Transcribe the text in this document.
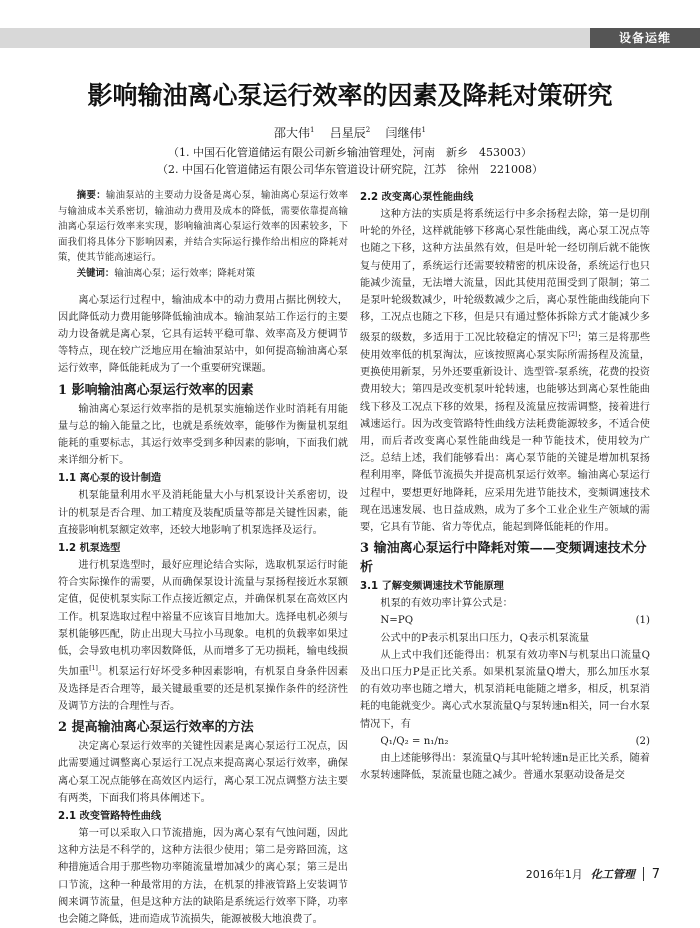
设备运维
影响输油离心泵运行效率的因素及降耗对策研究
邵大伟$^1$ 吕星辰$^2$ 闫继伟$^1$
（1. 中国石化管道储运有限公司新乡输油管理处，河南　新乡　453003）
（2. 中国石化管道储运有限公司华东管道设计研究院，江苏　徐州　221008）

摘要：输油泵站的主要动力设备是离心泵，输油离心泵运行效率与输油成本关系密切，输油动力费用及成本的降低，需要依靠提高输油离心泵运行效率来实现，影响输油离心泵运行效率的因素较多，下面我们将具体分下影响因素，并结合实际运行操作给出相应的降耗对策，使其节能高速运行。

关键词：输油离心泵；运行效率；降耗对策

离心泵运行过程中，输油成本中的动力费用占据比例较大，因此降低动力费用能够降低输油成本。输油泵站工作运行的主要动力设备就是离心泵，它具有运转平稳可靠、效率高及方便调节等特点，现在较广泛地应用在输油泵站中，如何提高输油离心泵运行效率，降低能耗成为了一个重要研究课题。

1 影响输油离心泵运行效率的因素

输油离心泵运行效率指的是机泵实施输送作业时消耗有用能量与总的输入能量之比，也就是系统效率，能够作为衡量机泵组能耗的重要标志，其运行效率受到多种因素的影响，下面我们就来详细分析下。

1.1 离心泵的设计制造

机泵能量利用水平及消耗能量大小与机泵设计关系密切，设计的机泵是否合理、加工精度及装配质量等都是关键性因素，能直接影响机泵额定效率，还较大地影响了机泵选择及运行。

1.2 机泵选型

进行机泵选型时，最好应理论结合实际，选取机泵运行时能符合实际操作的需要，从而确保泵设计流量与泵扬程接近水泵额定值，促使机泵实际工作点接近额定点，并确保机泵在高效区内工作。机泵选取过程中裕量不应该盲目地加大。选择电机必须与泵机能够匹配，防止出现大马拉小马现象。电机的负载率如果过低，会导致电机功率因数降低，从而增多了无功损耗，输电线损失加重[1]。机泵运行好坏受多种因素影响，有机泵自身条件因素及选择是否合理等，最关键最重要的还是机泵操作条件的经济性及调节方法的合理性与否。

2 提高输油离心泵运行效率的方法

决定离心泵运行效率的关键性因素是离心泵运行工况点，因此需要通过调整离心泵运行工况点来提高离心泵运行效率，确保离心泵工况点能够在高效区内运行，离心泵工况点调整方法主要有两类，下面我们将具体阐述下。

2.1 改变管路特性曲线

第一可以采取入口节流措施，因为离心泵有气蚀问题，因此这种方法是不科学的，这种方法很少使用；第二是旁路回流，这种措施适合用于那些物功率随流量增加减少的离心泵；第三是出口节流，这种一种最常用的方法，在机泵的排液管路上安装调节阀来调节流量，但是这种方法的缺陷是系统运行效率下降，功率也会随之降低，进而造成节流损失，能源被极大地浪费了。

2.2 改变离心泵性能曲线

这种方法的实质是将系统运行中多余扬程去除，第一是切削叶轮的外径，这样就能够下移离心泵性能曲线，离心泵工况点等也随之下移，这种方法虽然有效，但是叶轮一经切削后就不能恢复与使用了，系统运行还需要较精密的机床设备，系统运行也只能减少流量，无法增大流量，因此其使用范围受到了限制；第二是泵叶轮级数减少，叶轮级数减少之后，离心泵性能曲线能向下移，工况点也随之下移，但是只有通过整体拆除方式才能减少多级泵的级数，多适用于工况比较稳定的情况下[2]；第三是将那些使用效率低的机泵淘汰，应该按照离心泵实际所需扬程及流量，更换使用新泵，另外还要重新设计、选型管-泵系统，花费的投资费用较大；第四是改变机泵叶轮转速，也能够达到离心泵性能曲线下移及工况点下移的效果，扬程及流量应按需调整，接着进行减速运行。因为改变管路特性曲线方法耗费能源较多，不适合使用，而后者改变离心泵性能曲线是一种节能技术，使用较为广泛。总结上述，我们能够看出：离心泵节能的关键是增加机泵扬程利用率，降低节流损失并提高机泵运行效率。输油离心泵运行过程中，要想更好地降耗，应采用先进节能技术，变频调速技术现在迅速发展、也日益成熟，成为了多个工业企业生产领域的需要，它具有节能、省力等优点，能起到降低能耗的作用。

3 输油离心泵运行中降耗对策——变频调速技术分析
3.1 了解变频调速技术节能原理

机泵的有效功率计算公式是：

N=PQ	(1)

公式中的P表示机泵出口压力，Q表示机泵流量

从上式中我们还能得出：机泵有效功率N与机泵出口流量Q及出口压力P是正比关系。如果机泵流量Q增大，那么加压水泵的有效功率也随之增大，机泵消耗电能随之增多，相反，机泵消耗的电能就变少。离心式水泵流量Q与泵转速n相关，同一台水泵情况下，有

Q₁/Q₂ = n₁/n₂	(2)

由上述能够得出：泵流量Q与其叶轮转速n是正比关系，随着水泵转速降低，泵流量也随之减少。普通水泵驱动设备是交

2016年1月 化工管理 7
